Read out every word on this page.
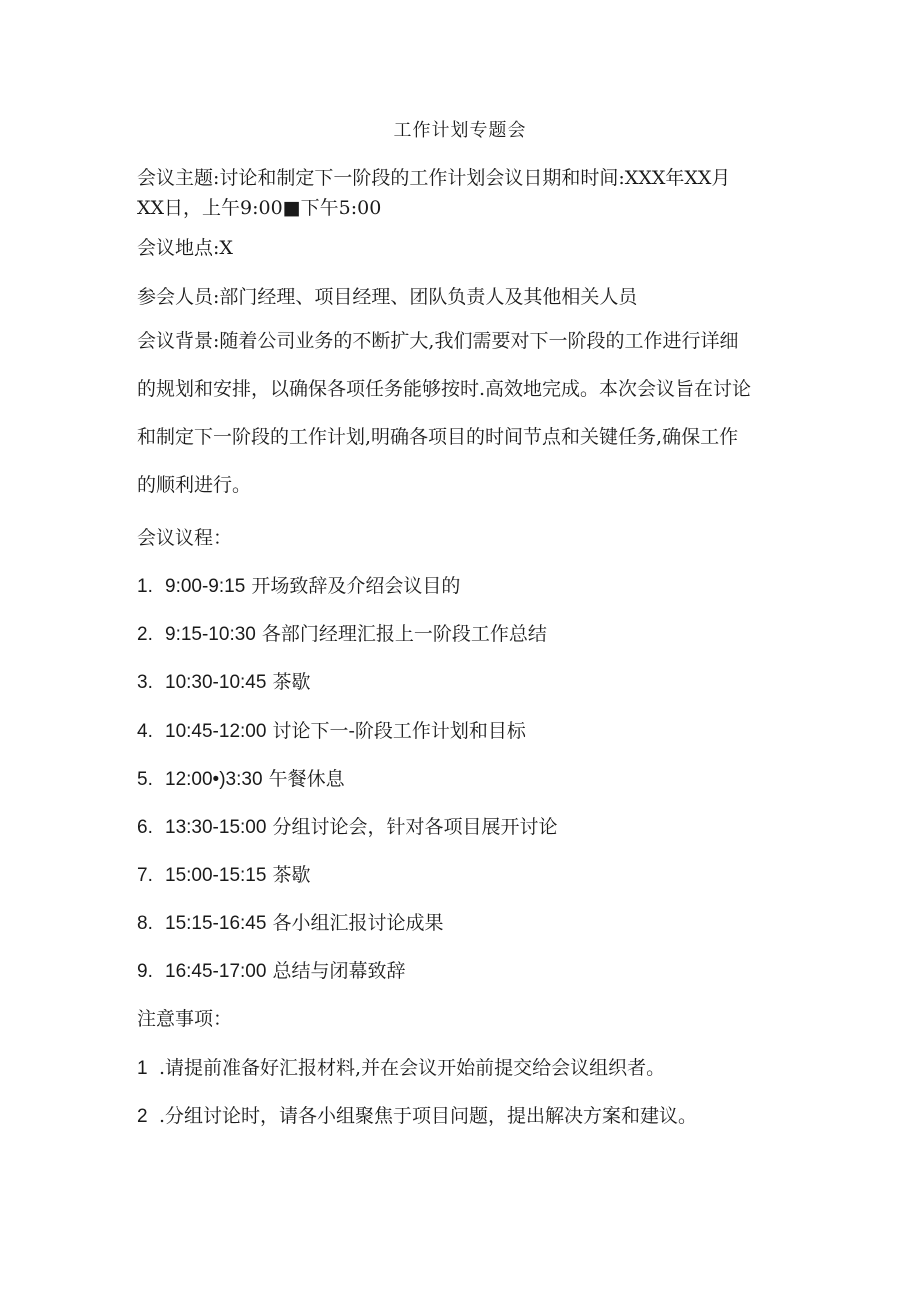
工作计划专题会
会议主题:讨论和制定下一阶段的工作计划会议日期和时间:XXX年XX月
XX日，上午9:00■下午5:00
会议地点:X
参会人员:部门经理、项目经理、团队负责人及其他相关人员
会议背景:随着公司业务的不断扩大,我们需要对下一阶段的工作进行详细
的规划和安排，以确保各项任务能够按时.高效地完成。本次会议旨在讨论
和制定下一阶段的工作计划,明确各项目的时间节点和关键任务,确保工作
的顺利进行。
会议议程：
1. 9:00-9:15 开场致辞及介绍会议目的
2. 9:15-10:30 各部门经理汇报上一阶段工作总结
3. 10:30-10:45 茶歇
4. 10:45-12:00 讨论下一-阶段工作计划和目标
5. 12:00•)3:30 午餐休息
6. 13:30-15:00 分组讨论会，针对各项目展开讨论
7. 15:00-15:15 茶歇
8. 15:15-16:45 各小组汇报讨论成果
9. 16:45-17:00 总结与闭幕致辞
注意事项：
1 .请提前准备好汇报材料,并在会议开始前提交给会议组织者。
2 .分组讨论时，请各小组聚焦于项目问题，提出解决方案和建议。
